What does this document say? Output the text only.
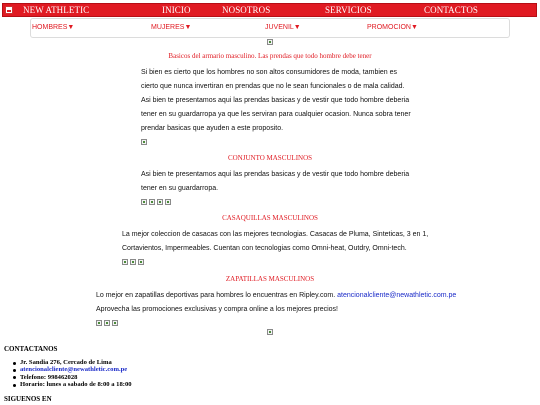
NEW ATHLETIC	INICIO	NOSOTROS	SERVICIOS	CONTACTOS
HOMBRES▼	MUJERES▼	JUVENIL▼	PROMOCION▼
Basicos del armario masculino. Las prendas que todo hombre debe tener
Si bien es cierto que los hombres no son altos consumidores de moda, tambien es
cierto que nunca invertiran en prendas que no le sean funcionales o de mala calidad.
Asi bien te presentamos aqui las prendas basicas y de vestir que todo hombre deberia
tener en su guardarropa ya que les serviran para cualquier ocasion. Nunca sobra tener
prendar basicas que ayuden a este proposito.
CONJUNTO MASCULINOS
Asi bien te presentamos aqui las prendas basicas y de vestir que todo hombre deberia
tener en su guardarropa.
CASAQUILLAS MASCULINOS
La mejor coleccion de casacas con las mejores tecnologias. Casacas de Pluma, Sinteticas, 3 en 1,
Cortavientos, Impermeables. Cuentan con tecnologias como Omni-heat, Outdry, Omni-tech.
ZAPATILLAS MASCULINOS
Lo mejor en zapatillas deportivas para hombres lo encuentras en Ripley.com. atencionalcliente@newathletic.com.pe
Aprovecha las promociones exclusivas y compra online a los mejores precios!
CONTACTANOS
Jr. Sandia 276, Cercado de Lima
atencionalcliente@newathletic.com.pe
Telefono: 998462028
Horario: lunes a sabado de 8:00 a 18:00
SIGUENOS EN
